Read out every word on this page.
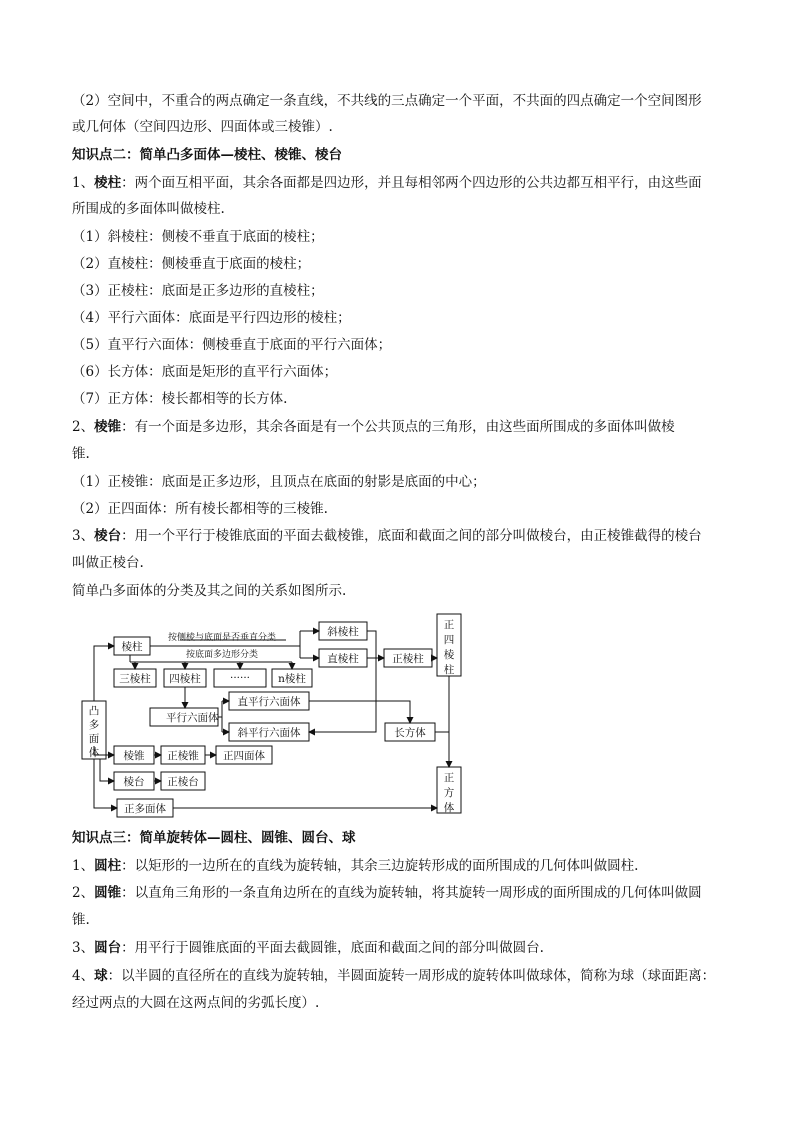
（2）空间中，不重合的两点确定一条直线，不共线的三点确定一个平面，不共面的四点确定一个空间图形
或几何体（空间四边形、四面体或三棱锥）.
知识点二：简单凸多面体—棱柱、棱锥、棱台
1、棱柱：两个面互相平面，其余各面都是四边形，并且每相邻两个四边形的公共边都互相平行，由这些面
所围成的多面体叫做棱柱.
（1）斜棱柱：侧棱不垂直于底面的棱柱；
（2）直棱柱：侧棱垂直于底面的棱柱；
（3）正棱柱：底面是正多边形的直棱柱；
（4）平行六面体：底面是平行四边形的棱柱；
（5）直平行六面体：侧棱垂直于底面的平行六面体；
（6）长方体：底面是矩形的直平行六面体；
（7）正方体：棱长都相等的长方体.
2、棱锥：有一个面是多边形，其余各面是有一个公共顶点的三角形，由这些面所围成的多面体叫做棱
锥.
（1）正棱锥：底面是正多边形，且顶点在底面的射影是底面的中心；
（2）正四面体：所有棱长都相等的三棱锥.
3、棱台：用一个平行于棱锥底面的平面去截棱锥，底面和截面之间的部分叫做棱台，由正棱锥截得的棱台
叫做正棱台.
简单凸多面体的分类及其之间的关系如图所示.
棱柱
斜棱柱
直棱柱	正棱柱
按侧棱与底面是否垂直分类
按底面多边形分类
三棱柱 四棱柱	······	n棱柱
平行六面体
直平行六面体
斜平行六面体	长方体
棱锥 正棱锥 正四面体
棱台 正棱台
正多面体
正四棱柱
凸多面体
正方体
知识点三：简单旋转体—圆柱、圆锥、圆台、球
1、圆柱：以矩形的一边所在的直线为旋转轴，其余三边旋转形成的面所围成的几何体叫做圆柱.
2、圆锥：以直角三角形的一条直角边所在的直线为旋转轴，将其旋转一周形成的面所围成的几何体叫做圆
锥.
3、圆台：用平行于圆锥底面的平面去截圆锥，底面和截面之间的部分叫做圆台.
4、球：以半圆的直径所在的直线为旋转轴，半圆面旋转一周形成的旋转体叫做球体，简称为球（球面距离：
经过两点的大圆在这两点间的劣弧长度）.
